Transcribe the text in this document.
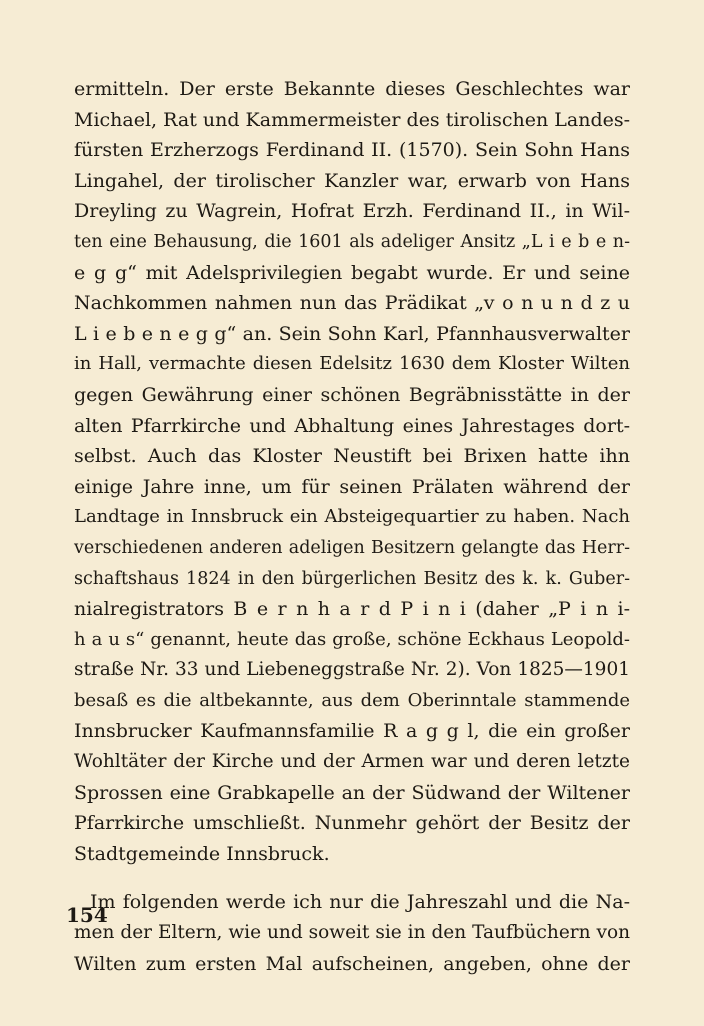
ermitteln. Der erste Bekannte dieses Geschlechtes war
Michael, Rat und Kammermeister des tirolischen Landes-
fürsten Erzherzogs Ferdinand II. (1570). Sein Sohn Hans
Lingahel, der tirolischer Kanzler war, erwarb von Hans
Dreyling zu Wagrein, Hofrat Erzh. Ferdinand II., in Wil-
ten eine Behausung, die 1601 als adeliger Ansitz „L i e b e n-
e g g“ mit Adelsprivilegien begabt wurde. Er und seine
Nachkommen nahmen nun das Prädikat „v o n u n d z u
L i e b e n e g g“ an. Sein Sohn Karl, Pfannhausverwalter
in Hall, vermachte diesen Edelsitz 1630 dem Kloster Wilten
gegen Gewährung einer schönen Begräbnisstätte in der
alten Pfarrkirche und Abhaltung eines Jahrestages dort-
selbst. Auch das Kloster Neustift bei Brixen hatte ihn
einige Jahre inne, um für seinen Prälaten während der
Landtage in Innsbruck ein Absteigequartier zu haben. Nach
verschiedenen anderen adeligen Besitzern gelangte das Herr-
schaftshaus 1824 in den bürgerlichen Besitz des k. k. Guber-
nialregistrators B e r n h a r d P i n i (daher „P i n i-
h a u s“ genannt, heute das große, schöne Eckhaus Leopold-
straße Nr. 33 und Liebeneggstraße Nr. 2). Von 1825—1901
besaß es die altbekannte, aus dem Oberinntale stammende
Innsbrucker Kaufmannsfamilie R a g g l, die ein großer
Wohltäter der Kirche und der Armen war und deren letzte
Sprossen eine Grabkapelle an der Südwand der Wiltener
Pfarrkirche umschließt. Nunmehr gehört der Besitz der
Stadtgemeinde Innsbruck.
Im folgenden werde ich nur die Jahreszahl und die Na-
men der Eltern, wie und soweit sie in den Taufbüchern von
Wilten zum ersten Mal aufscheinen, angeben, ohne der
154
